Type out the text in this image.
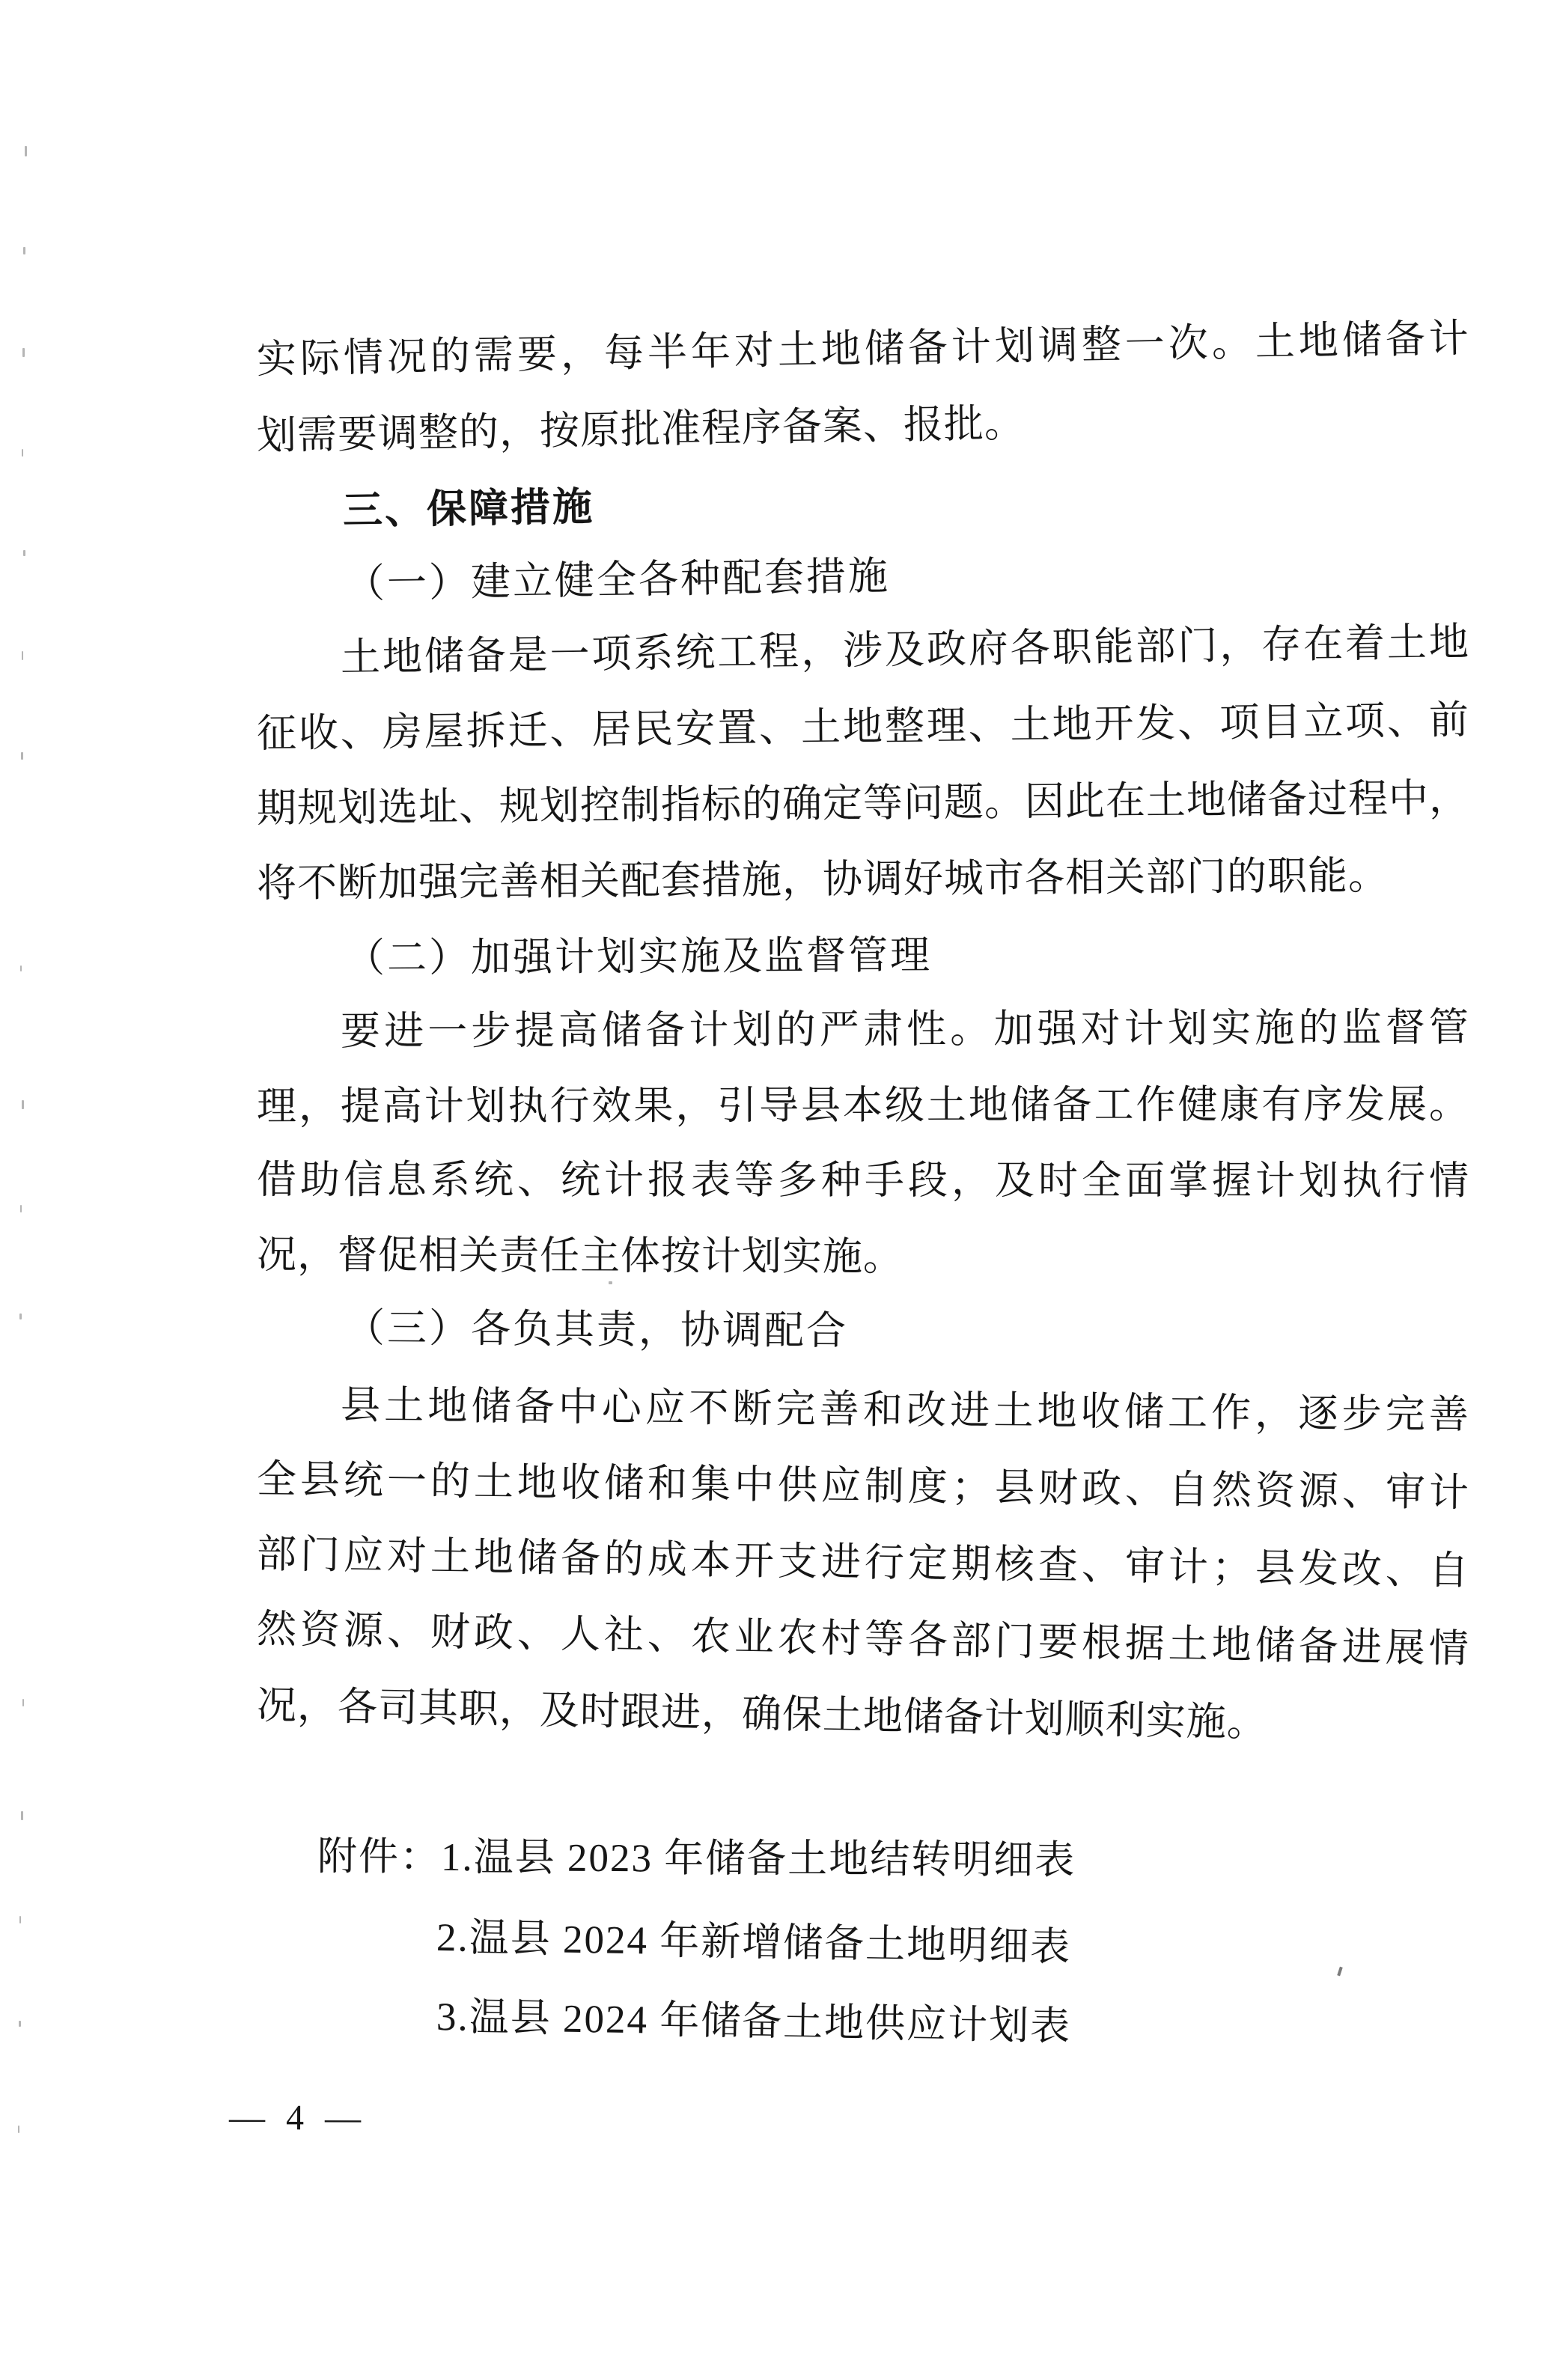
实际情况的需要，每半年对土地储备计划调整一次。土地储备计
划需要调整的，按原批准程序备案、报批。
三、保障措施
（一）建立健全各种配套措施
土地储备是一项系统工程，涉及政府各职能部门，存在着土地
征收、房屋拆迁、居民安置、土地整理、土地开发、项目立项、前
期规划选址、规划控制指标的确定等问题。因此在土地储备过程中，
将不断加强完善相关配套措施，协调好城市各相关部门的职能。
（二）加强计划实施及监督管理
要进一步提高储备计划的严肃性。加强对计划实施的监督管
理，提高计划执行效果，引导县本级土地储备工作健康有序发展。
借助信息系统、统计报表等多种手段，及时全面掌握计划执行情
况，督促相关责任主体按计划实施。
（三）各负其责，协调配合
县土地储备中心应不断完善和改进土地收储工作，逐步完善
全县统一的土地收储和集中供应制度；县财政、自然资源、审计
部门应对土地储备的成本开支进行定期核查、审计；县发改、自
然资源、财政、人社、农业农村等各部门要根据土地储备进展情
况，各司其职，及时跟进，确保土地储备计划顺利实施。
附件：1.温县 2023 年储备土地结转明细表
2.温县 2024 年新增储备土地明细表
3.温县 2024 年储备土地供应计划表
— 4 —
